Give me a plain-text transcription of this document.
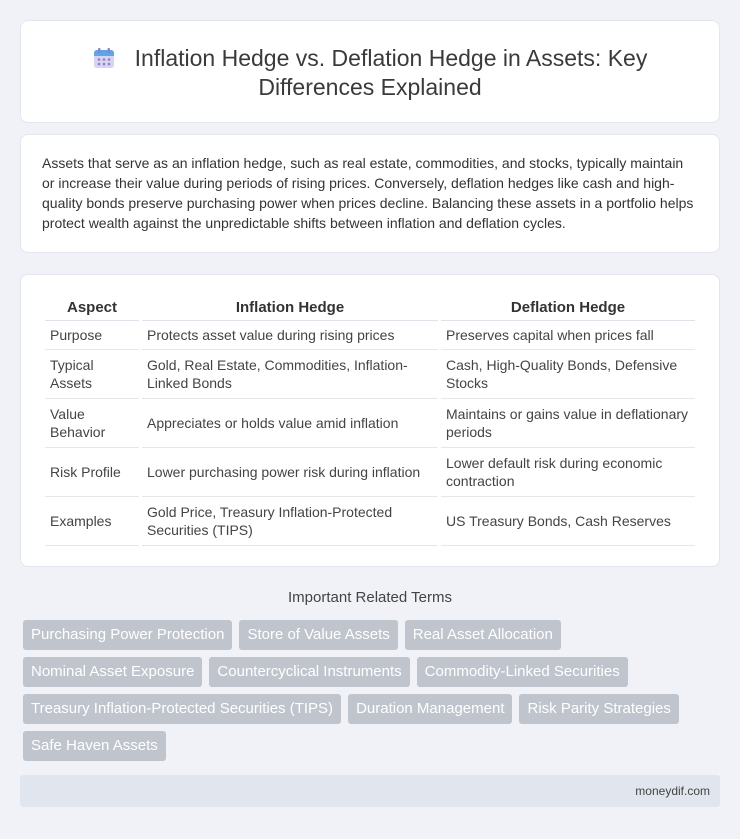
Inflation Hedge vs. Deflation Hedge in Assets: Key Differences Explained

Assets that serve as an inflation hedge, such as real estate, commodities, and stocks, typically maintain or increase their value during periods of rising prices. Conversely, deflation hedges like cash and high-quality bonds preserve purchasing power when prices decline. Balancing these assets in a portfolio helps protect wealth against the unpredictable shifts between inflation and deflation cycles.

Aspect	Inflation Hedge	Deflation Hedge
Purpose	Protects asset value during rising prices	Preserves capital when prices fall
Typical Assets	Gold, Real Estate, Commodities, Inflation-Linked Bonds	Cash, High-Quality Bonds, Defensive Stocks
Value Behavior	Appreciates or holds value amid inflation	Maintains or gains value in deflationary periods
Risk Profile	Lower purchasing power risk during inflation	Lower default risk during economic contraction
Examples	Gold Price, Treasury Inflation-Protected Securities (TIPS)	US Treasury Bonds, Cash Reserves
Important Related Terms
Purchasing Power Protection	Store of Value Assets	Real Asset Allocation
Nominal Asset Exposure	Countercyclical Instruments	Commodity-Linked Securities
Treasury Inflation-Protected Securities (TIPS)	Duration Management	Risk Parity Strategies
Safe Haven Assets
moneydif.com
